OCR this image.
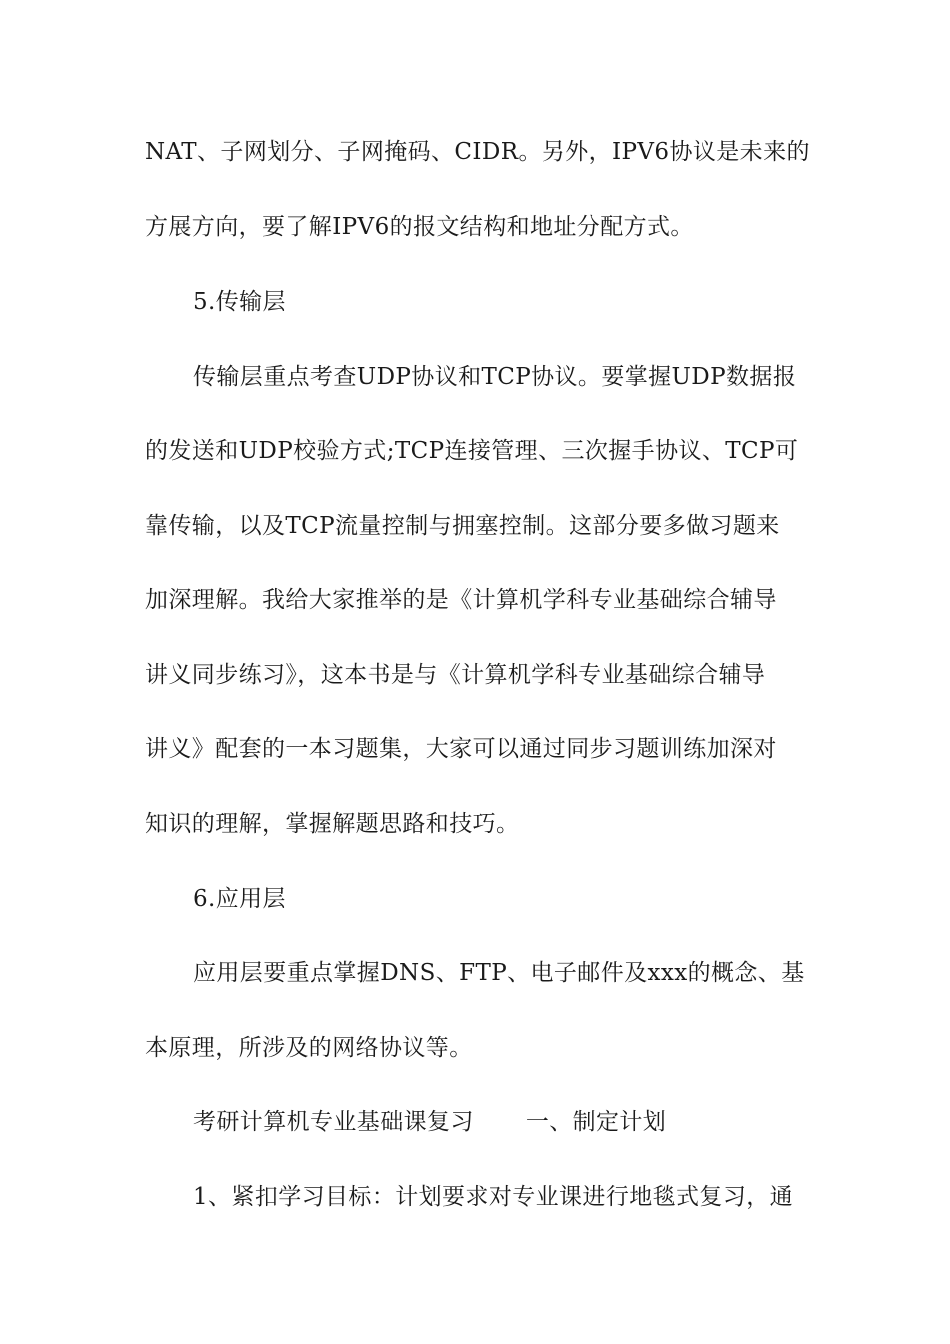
NAT、子网划分、子网掩码、CIDR。另外，IPV6协议是未来的
方展方向，要了解IPV6的报文结构和地址分配方式。
5.传输层
传输层重点考查UDP协议和TCP协议。要掌握UDP数据报
的发送和UDP校验方式;TCP连接管理、三次握手协议、TCP可
靠传输，以及TCP流量控制与拥塞控制。这部分要多做习题来
加深理解。我给大家推举的是《计算机学科专业基础综合辅导
讲义同步练习》，这本书是与《计算机学科专业基础综合辅导
讲义》配套的一本习题集，大家可以通过同步习题训练加深对
知识的理解，掌握解题思路和技巧。
6.应用层
应用层要重点掌握DNS、FTP、电子邮件及xxx的概念、基
本原理，所涉及的网络协议等。
考研计算机专业基础课复习 一、制定计划
1、紧扣学习目标：计划要求对专业课进行地毯式复习，通
